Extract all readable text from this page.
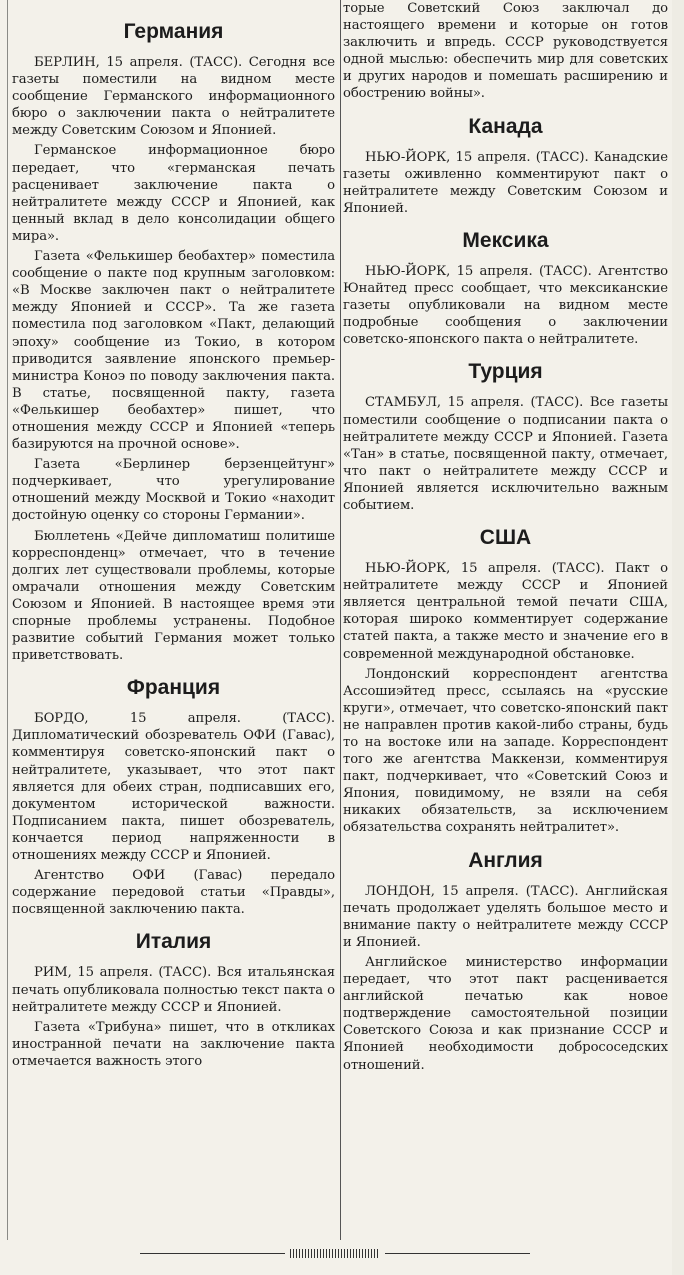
Германия

БЕРЛИН, 15 апреля. (ТАСС). Сегодня все газеты поместили на видном месте сообщение Германского информационного бюро о заключении пакта о нейтралитете между Советским Союзом и Японией.

Германское информационное бюро передает, что «германская печать расценивает заключение пакта о нейтралитете между СССР и Японией, как ценный вклад в дело консолидации общего мира».

Газета «Фелькишер беобахтер» поместила сообщение о пакте под крупным заголовком: «В Москве заключен пакт о нейтралитете между Японией и СССР». Та же газета поместила под заголовком «Пакт, делающий эпоху» сообщение из Токио, в котором приводится заявление японского премьер-министра Коноэ по поводу заключения пакта. В статье, посвященной пакту, газета «Фелькишер беобахтер» пишет, что отношения между СССР и Японией «теперь базируются на прочной основе».

Газета «Берлинер берзенцейтунг» подчеркивает, что урегулирование отношений между Москвой и Токио «находит достойную оценку со стороны Германии».

Бюллетень «Дейче дипломатиш политише корреспонденц» отмечает, что в течение долгих лет существовали проблемы, которые омрачали отношения между Советским Союзом и Японией. В настоящее время эти спорные проблемы устранены. Подобное развитие событий Германия может только приветствовать.

Франция

БОРДО, 15 апреля. (ТАСС). Дипломатический обозреватель ОФИ (Гавас), комментируя советско-японский пакт о нейтралитете, указывает, что этот пакт является для обеих стран, подписавших его, документом исторической важности. Подписанием пакта, пишет обозреватель, кончается период напряженности в отношениях между СССР и Японией.

Агентство ОФИ (Гавас) передало содержание передовой статьи «Правды», посвященной заключению пакта.

Италия

РИМ, 15 апреля. (ТАСС). Вся итальянская печать опубликовала полностью текст пакта о нейтралитете между СССР и Японией.

Газета «Трибуна» пишет, что в откликах иностранной печати на заключение пакта отмечается важность этого

торые Советский Союз заключал до настоящего времени и которые он готов заключить и впредь. СССР руководствуется одной мыслью: обеспечить мир для советских и других народов и помешать расширению и обострению войны».

Канада

НЬЮ-ЙОРК, 15 апреля. (ТАСС). Канадские газеты оживленно комментируют пакт о нейтралитете между Советским Союзом и Японией.

Мексика

НЬЮ-ЙОРК, 15 апреля. (ТАСС). Агентство Юнайтед пресс сообщает, что мексиканские газеты опубликовали на видном месте подробные сообщения о заключении советско-японского пакта о нейтралитете.

Турция

СТАМБУЛ, 15 апреля. (ТАСС). Все газеты поместили сообщение о подписании пакта о нейтралитете между СССР и Японией. Газета «Тан» в статье, посвященной пакту, отмечает, что пакт о нейтралитете между СССР и Японией является исключительно важным событием.

США

НЬЮ-ЙОРК, 15 апреля. (ТАСС). Пакт о нейтралитете между СССР и Японией является центральной темой печати США, которая широко комментирует содержание статей пакта, а также место и значение его в современной международной обстановке.

Лондонский корреспондент агентства Ассошиэйтед пресс, ссылаясь на «русские круги», отмечает, что советско-японский пакт не направлен против какой-либо страны, будь то на востоке или на западе. Корреспондент того же агентства Маккензи, комментируя пакт, подчеркивает, что «Советский Союз и Япония, повидимому, не взяли на себя никаких обязательств, за исключением обязательства сохранять нейтралитет».

Англия

ЛОНДОН, 15 апреля. (ТАСС). Английская печать продолжает уделять большое место и внимание пакту о нейтралитете между СССР и Японией.

Английское министерство информации передает, что этот пакт расценивается английской печатью как новое подтверждение самостоятельной позиции Советского Союза и как признание СССР и Японией необходимости добрососедских отношений.
